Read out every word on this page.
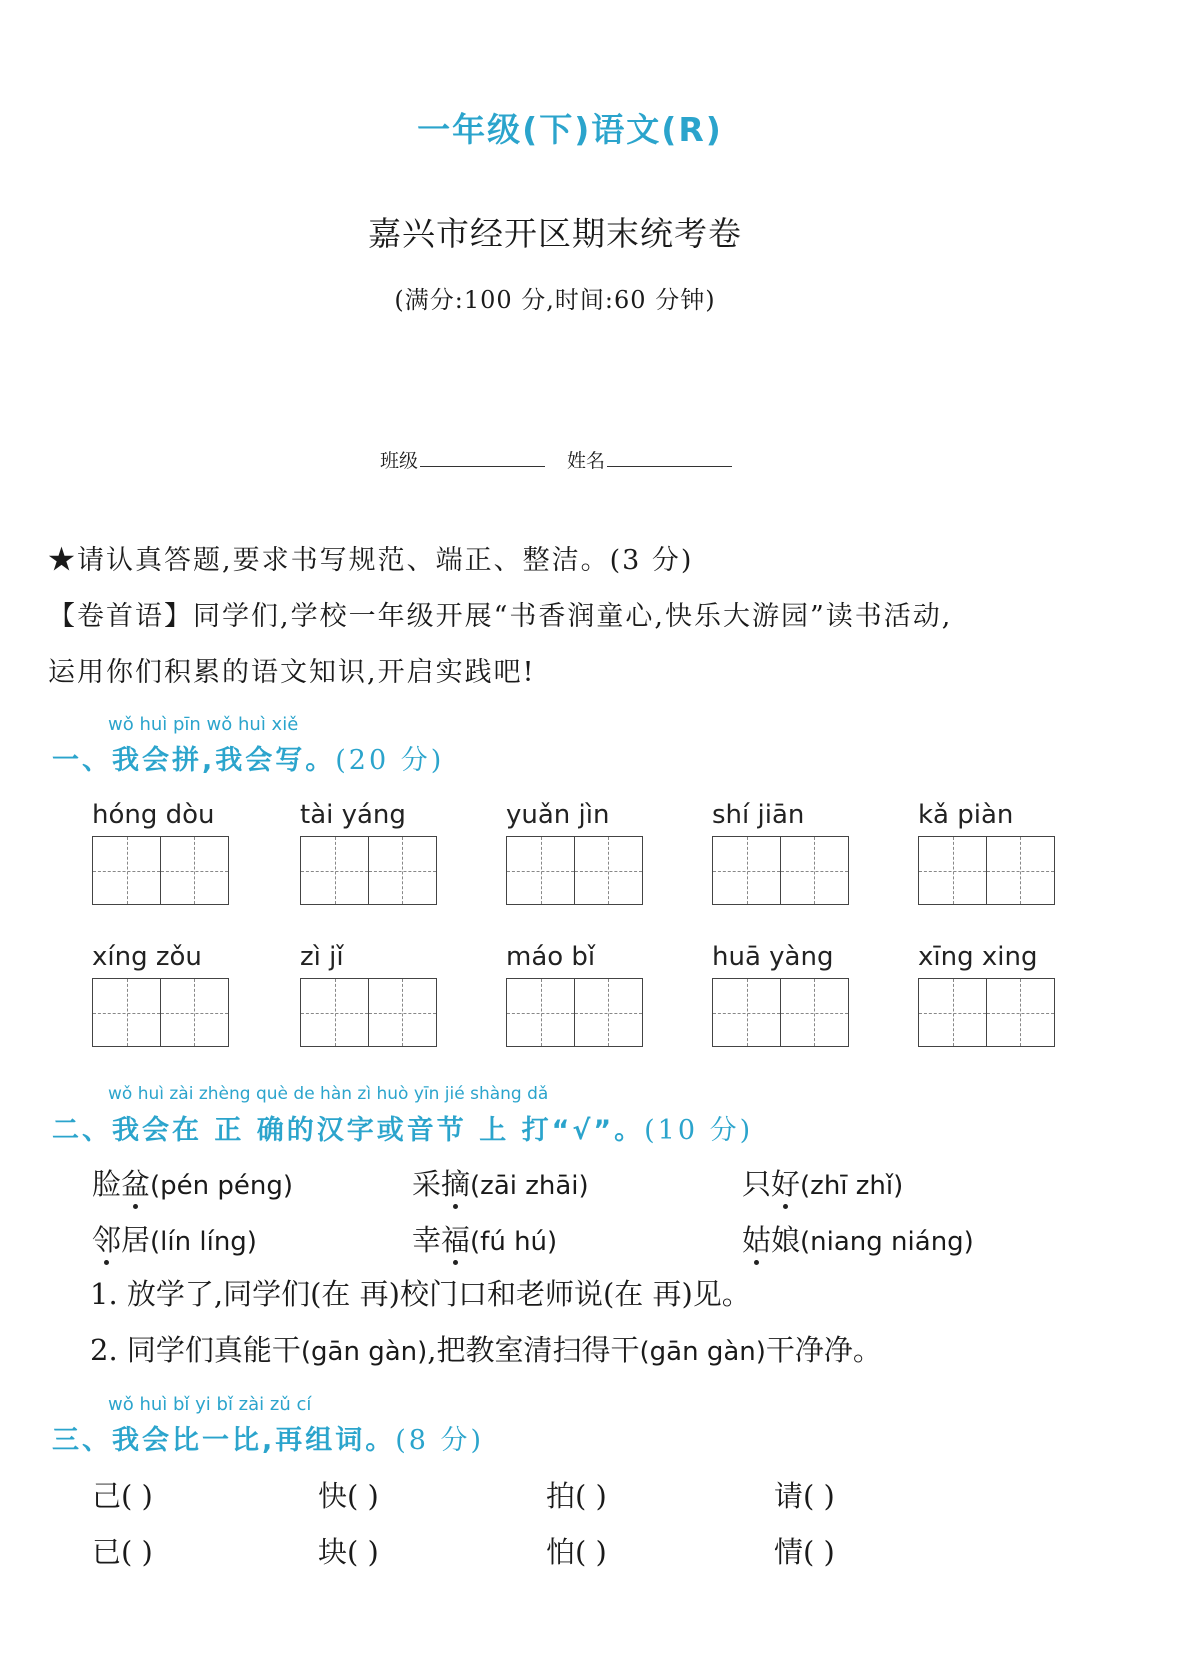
一年级(下)语文(R)
嘉兴市经开区期末统考卷
(满分:100 分,时间:60 分钟)
班级	姓名
★请认真答题,要求书写规范、端正、整洁。(3 分)
【卷首语】同学们,学校一年级开展“书香润童心,快乐大游园”读书活动,
运用你们积累的语文知识,开启实践吧!
wǒ huì pīn wǒ huì xiě
一、我会拼,我会写。(20 分)
hóng dòu	tài yáng	yuǎn jìn	shí jiān	kǎ piàn
xíng zǒu	zì jǐ	máo bǐ	huā yàng	xīng xing
wǒ huì zài zhèng què de hàn zì huò yīn jié shàng dǎ
二、我会在 正 确的汉字或音节 上 打“√”。(10 分)
脸盆(pén péng)	采摘(zāi zhāi)	只好(zhī zhǐ)
邻居(lín líng)	幸福(fú hú)	姑娘(niang niáng)
1. 放学了,同学们(在 再)校门口和老师说(在 再)见。
2. 同学们真能干(gān gàn),把教室清扫得干(gān gàn)干净净。
wǒ huì bǐ yi bǐ zài zǔ cí
三、我会比一比,再组词。(8 分)
己( )	快( )	拍( )	请( )
已( )	块( )	怕( )	情( )
